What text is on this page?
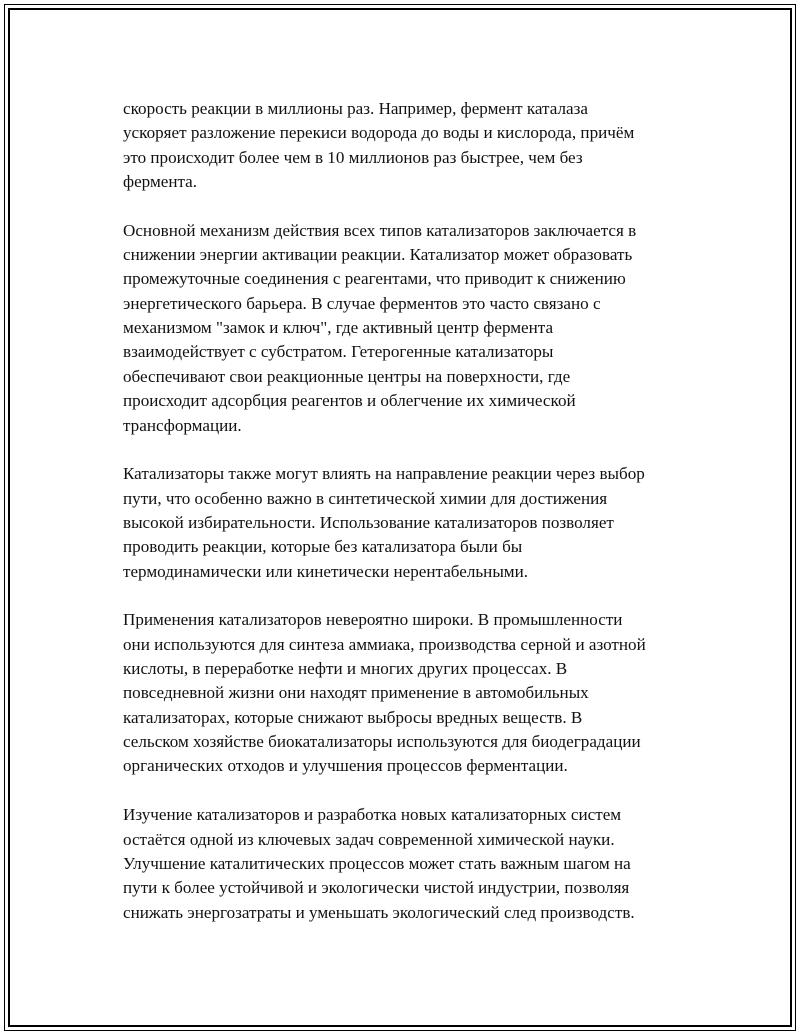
скорость реакции в миллионы раз. Например, фермент каталаза
ускоряет разложение перекиси водорода до воды и кислорода, причём
это происходит более чем в 10 миллионов раз быстрее, чем без
фермента.

Основной механизм действия всех типов катализаторов заключается в
снижении энергии активации реакции. Катализатор может образовать
промежуточные соединения с реагентами, что приводит к снижению
энергетического барьера. В случае ферментов это часто связано с
механизмом "замок и ключ", где активный центр фермента
взаимодействует с субстратом. Гетерогенные катализаторы
обеспечивают свои реакционные центры на поверхности, где
происходит адсорбция реагентов и облегчение их химической
трансформации.

Катализаторы также могут влиять на направление реакции через выбор
пути, что особенно важно в синтетической химии для достижения
высокой избирательности. Использование катализаторов позволяет
проводить реакции, которые без катализатора были бы
термодинамически или кинетически нерентабельными.

Применения катализаторов невероятно широки. В промышленности
они используются для синтеза аммиака, производства серной и азотной
кислоты, в переработке нефти и многих других процессах. В
повседневной жизни они находят применение в автомобильных
катализаторах, которые снижают выбросы вредных веществ. В
сельском хозяйстве биокатализаторы используются для биодеградации
органических отходов и улучшения процессов ферментации.

Изучение катализаторов и разработка новых катализаторных систем
остаётся одной из ключевых задач современной химической науки.
Улучшение каталитических процессов может стать важным шагом на
пути к более устойчивой и экологически чистой индустрии, позволяя
снижать энергозатраты и уменьшать экологический след производств.
